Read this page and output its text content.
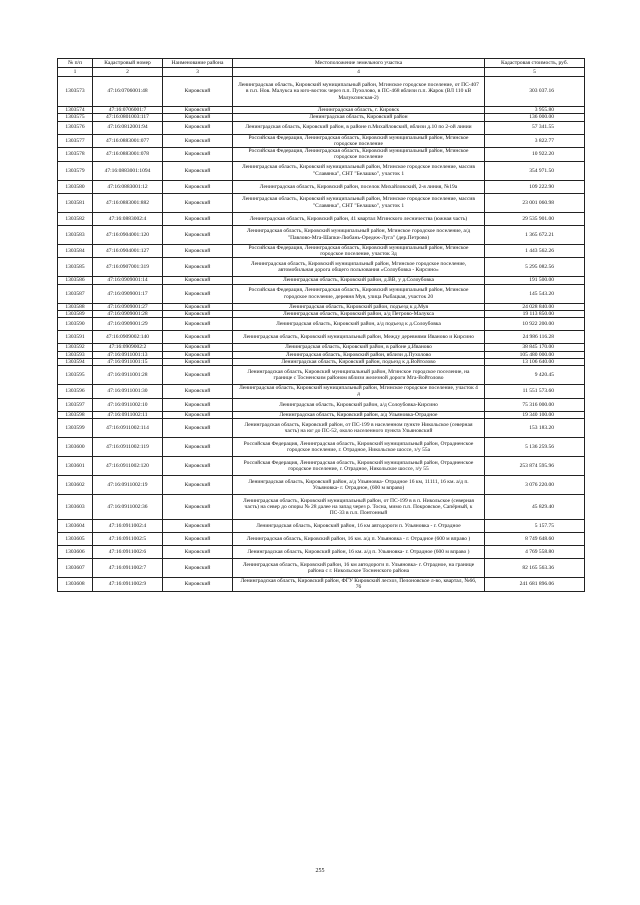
№ п/п	Кадастровый номер	Наименование района	Местоположение земельного участка	Кадастровая стоимость, руб.
1	2	3	4	5
1303573	47:16:0706001:48	Кировский	Ленинградская область, Кировский муниципальный район, Мгинское городское поселение, от ПС-407 в п.п. Нов. Малукса на юго-восток через п.п. Пухолово, в ПС-468 вблизи п.п. Жарок (ВЛ 110 кВ Малуксинская-2)	303 037.16
1303574	47:16:0706001:7	Кировский	Ленинградская область, г. Кировск	3 955.80
1303575	47:16:0801003:117	Кировский	Ленинградская область, Кировский район	136 000.00
1303576	47:16:0812001:94	Кировский	Ленинградская область, Кировский район, в районе п.Михайловский, вблизи д.10 по 2-ой линии	57 341.55
1303577	47:16:0883001:077	Кировский	Российская Федерация, Ленинградская область, Кировский муниципальный район, Мгинское городское поселение	3 822.77
1303578	47:16:0883001:078	Кировский	Российская Федерация, Ленинградская область, Кировский муниципальный район, Мгинское городское поселение	10 922.20
1303579	47:16:0883001:1094	Кировский	Ленинградская область, Кировский муниципальный район, Мгинское городское поселение, массив "Славянка", СНТ "Белашко", участок 1	354 971.50
1303580	47:16:0883001:12	Кировский	Ленинградская область, Кировский район, поселок Михайловский, 2-я линия, №19а	109 222.90
1303581	47:16:0883001:882	Кировский	Ленинградская область, Кировский муниципальный район, Мгинское городское поселение, массив "Славянка", СНТ "Белашко", участок 1	23 001 060.98
1303582	47:16:0883002:4	Кировский	Ленинградская область, Кировский район, 41 квартал Мгинского лесничества (южная часть)	29 535 901.00
1303583	47:16:0904001:120	Кировский	Ленинградская область, Кировский муниципальный район, Мгинское городское поселение, а/д "Павлово-Мга-Шапки-Любань-Оредеж-Луга" (дер.Петрово)	1 365 672.21
1303584	47:16:0904001:127	Кировский	Российская Федерация, Ленинградская область, Кировский муниципальный район, Мгинское городское поселение, участок 3д	1 443 562.26
1303585	47:16:0907001:319	Кировский	Ленинградская область, Кировский муниципальный район, Мгинское городское поселение, автомобильная дорога общего пользования «Солоубовка - Кирсино»	5 295 082.56
1303586	47:16:0909001:14	Кировский	Ленинградская область, Кировский район, д.ВВ, у д.Солоубовка	191 500.00
1303587	47:16:0909001:17	Кировский	Российская Федерация, Ленинградская область, Кировский муниципальный район, Мгинское городское поселение, деревня Муя, улица Рыбацкая, участок 20	145 543.20
1303588	47:16:0909001:27	Кировский	Ленинградская область, Кировский район, подъезд к д.Муя	24 028 840.00
1303589	47:16:0909001:28	Кировский	Ленинградская область, Кировский район, а/д Петрово-Малукса	19 113 850.00
1303590	47:16:0909001:29	Кировский	Ленинградская область, Кировский район, а/д подъезд к д.Солоубовка	10 922 200.00
1303591	47:16:0909002:140	Кировский	Ленинградская область, Кировский муниципальный район, Между деревнями Иваново и Кирсино	24 986 116.28
1303592	47:16:0909002:2	Кировский	Ленинградская область, Кировский район, в районе д.Иваново	38 845 170.00
1303593	47:16:0911001:13	Кировский	Ленинградская область, Кировский район, вблизи д.Пухолово	105 480 000.00
1303594	47:16:0911001:15	Кировский	Ленинградская область, Кировский район, подъезд к д.Войтолово	13 106 640.00
1303595	47:16:0911001:28	Кировский	Ленинградская область, Кировский муниципальный район, Мгинское городское поселение, на границе с Тосненским районом вблизи железной дороги Мга-Войтолово	9 420.45
1303596	47:16:0911001:30	Кировский	Ленинградская область, Кировский муниципальный район, Мгинское городское поселение, участок 4 д	11 551 573.60
1303597	47:16:0911002:10	Кировский	Ленинградская область, Кировский район, а/д Солоубовка-Кирсино	75 316 000.00
1303598	47:16:0911002:11	Кировский	Ленинградская область, Кировский район, а/д Ульяновка-Отрадное	19 340 100.00
1303599	47:16:0911002:114	Кировский	Ленинградская область, Кировский район, от ПС-199 в населенном пункте Никольское (северная часть) на юг до ПС-52, около населенного пункта Ульяновский	153 183.20
1303600	47:16:0911002:119	Кировский	Российская Федерация, Ленинградская область, Кировский муниципальный район, Отрадненское городское поселение, г. Отрадное, Никольское шоссе, з/у 55а	5 136 259.56
1303601	47:16:0911002:120	Кировский	Российская Федерация, Ленинградская область, Кировский муниципальный район, Отрадненское городское поселение, г. Отрадное, Никольское шоссе, з/у 55	253 874 595.96
1303602	47:16:0911002:19	Кировский	Ленинградская область, Кировский район, а/д Ульяновка- Отрадное 16 км, 11111, 16 км. а/д п. Ульяновка- г. Отрадное, (600 м вправо)	3 076 220.00
1303603	47:16:0911002:36	Кировский	Ленинградская область, Кировский муниципальный район, от ПС-199 в в п. Никольское (северная часть) на север до опоры № 28 далее на запад через р. Тосна, мимо п.п. Покровское, Сапёрный, к ПС-33 в п.п. Понтонный	45 829.40
1303604	47:16:0911002:4	Кировский	Ленинградская область, Кировский район, 16 км автодороги п. Ульяновка - г. Отрадное	5 157.75
1303605	47:16:0911002:5	Кировский	Ленинградская область, Кировский район, 16 км. а/д п. Ульяновка - г. Отрадное (600 м вправо )	8 749 648.60
1303606	47:16:0911002:6	Кировский	Ленинградская область, Кировский район, 16 км. а/д п. Ульяновка- г. Отрадное (600 м вправо )	4 769 558.80
1303607	47:16:0911002:7	Кировский	Ленинградская область, Кировский район, 16 км автодороги п. Ульяновка- г. Отрадное, на границе района с г. Никольское Тосненского района	82 165 563.36
1303608	47:16:0911002:9	Кировский	Ленинградская область, Кировский район, ФГУ Кировский лесхоз, Пелоновское л-во, квартал, №66, 76	241 681 896.06
255
